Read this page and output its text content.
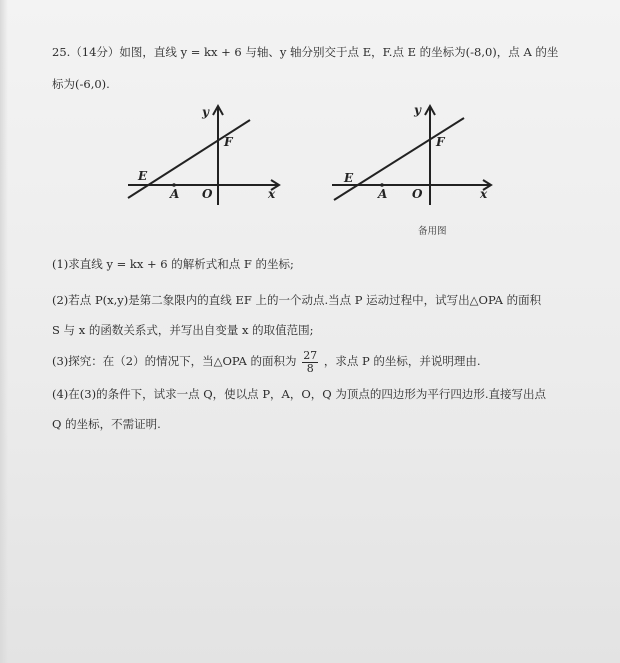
25.（14分）如图，直线 y = kx + 6 与轴、y 轴分别交于点 E，F.点 E 的坐标为(-8,0)，点 A 的坐
标为(-6,0).
y
F
E
A O	x
y
F
E
A O	x
备用图
(1)求直线 y = kx + 6 的解析式和点 F 的坐标;
(2)若点 P(x,y)是第二象限内的直线 EF 上的一个动点.当点 P 运动过程中，试写出△OPA 的面积
S 与 x 的函数关系式，并写出自变量 x 的取值范围;
(3)探究：在（2）的情况下，当△OPA 的面积为 $\frac{27}{8}$ ，求点 P 的坐标，并说明理由.
(4)在(3)的条件下，试求一点 Q，使以点 P，A，O，Q 为顶点的四边形为平行四边形.直接写出点
Q 的坐标，不需证明.
